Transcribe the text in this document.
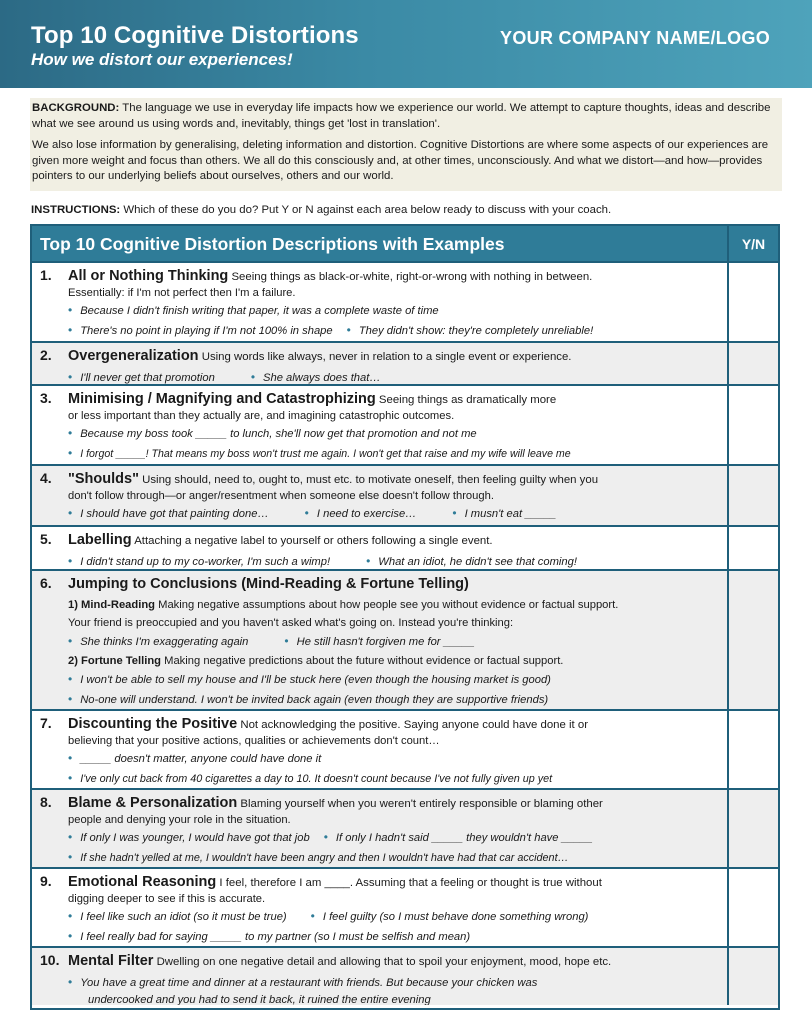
Top 10 Cognitive Distortions
How we distort our experiences!
YOUR COMPANY NAME/LOGO

BACKGROUND: The language we use in everyday life impacts how we experience our world. We attempt to capture thoughts, ideas and describe what we see around us using words and, inevitably, things get 'lost in translation'.

We also lose information by generalising, deleting information and distortion. Cognitive Distortions are where some aspects of our experiences are given more weight and focus than others. We all do this consciously and, at other times, unconsciously. And what we distort—and how—provides pointers to our underlying beliefs about ourselves, others and our world.

INSTRUCTIONS: Which of these do you do? Put Y or N against each area below ready to discuss with your coach.
Top 10 Cognitive Distortion Descriptions with Examples	Y/N
1. All or Nothing Thinking Seeing things as black-or-white, right-or-wrong with nothing in between.
Essentially: if I'm not perfect then I'm a failure.
• Because I didn't finish writing that paper, it was a complete waste of time
• There's no point in playing if I'm not 100% in shape • They didn't show: they're completely unreliable!
2. Overgeneralization Using words like always, never in relation to a single event or experience.
• I'll never get that promotion	• She always does that…
3. Minimising / Magnifying and Catastrophizing Seeing things as dramatically more
or less important than they actually are, and imagining catastrophic outcomes.
• Because my boss took _____ to lunch, she'll now get that promotion and not me
• I forgot _____! That means my boss won't trust me again. I won't get that raise and my wife will leave me
4. "Shoulds" Using should, need to, ought to, must etc. to motivate oneself, then feeling guilty when you
don't follow through—or anger/resentment when someone else doesn't follow through.
• I should have got that painting done…	• I need to exercise…	• I musn't eat _____
5. Labelling Attaching a negative label to yourself or others following a single event.
• I didn't stand up to my co-worker, I'm such a wimp!	• What an idiot, he didn't see that coming!
6. Jumping to Conclusions (Mind-Reading & Fortune Telling)
1) Mind-Reading Making negative assumptions about how people see you without evidence or factual support.
Your friend is preoccupied and you haven't asked what's going on. Instead you're thinking:
• She thinks I'm exaggerating again	• He still hasn't forgiven me for _____
2) Fortune Telling Making negative predictions about the future without evidence or factual support.
• I won't be able to sell my house and I'll be stuck here (even though the housing market is good)
• No-one will understand. I won't be invited back again (even though they are supportive friends)
7. Discounting the Positive Not acknowledging the positive. Saying anyone could have done it or
believing that your positive actions, qualities or achievements don't count…
• _____ doesn't matter, anyone could have done it
• I've only cut back from 40 cigarettes a day to 10. It doesn't count because I've not fully given up yet
8. Blame & Personalization Blaming yourself when you weren't entirely responsible or blaming other
people and denying your role in the situation.
• If only I was younger, I would have got that job • If only I hadn't said _____ they wouldn't have _____
• If she hadn't yelled at me, I wouldn't have been angry and then I wouldn't have had that car accident…
9. Emotional Reasoning I feel, therefore I am ____. Assuming that a feeling or thought is true without
digging deeper to see if this is accurate.
• I feel like such an idiot (so it must be true)	• I feel guilty (so I must behave done something wrong)
• I feel really bad for saying _____ to my partner (so I must be selfish and mean)
10. Mental Filter Dwelling on one negative detail and allowing that to spoil your enjoyment, mood, hope etc.
• You have a great time and dinner at a restaurant with friends. But because your chicken was
undercooked and you had to send it back, it ruined the entire evening
